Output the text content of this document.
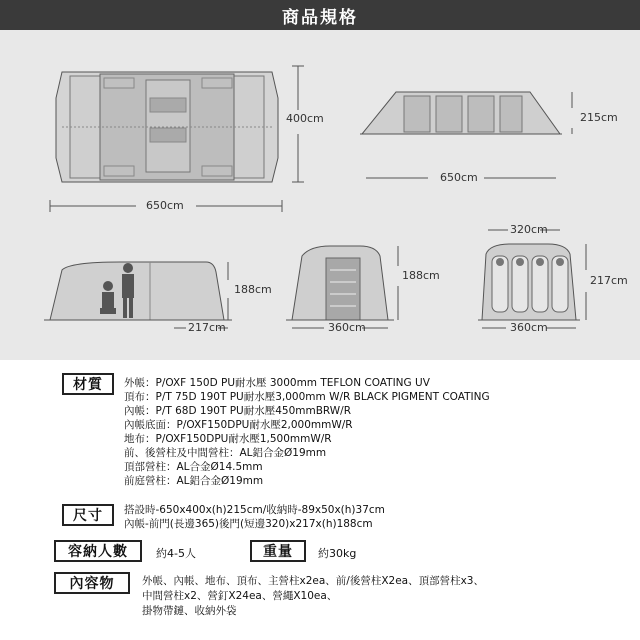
商品規格
400cm
650cm
215cm
650cm
188cm
217cm
188cm
360cm
320cm
217cm
360cm
材質 外帳：P/OXF 150D PU耐水壓 3000mm TEFLON COATING UV
頂布：P/T 75D 190T PU耐水壓3,000mm W/R BLACK PIGMENT COATING
內帳：P/T 68D 190T PU耐水壓450mmBRW/R
內帳底面：P/OXF150DPU耐水壓2,000mmW/R
地布：P/OXF150DPU耐水壓1,500mmW/R
前、後營柱及中間營柱：AL鋁合金Ø19mm
頂部營柱：AL合金Ø14.5mm
前庭營柱：AL鋁合金Ø19mm
尺寸 搭設時-650x400x(h)215cm/收納時-89x50x(h)37cm
內帳-前門(長邊365)後門(短邊320)x217x(h)188cm
容納人數	約4-5人	重量 約30kg
內容物	外帳、內帳、地布、頂布、主營柱x2ea、前/後營柱X2ea、頂部營柱x3、
中間營柱x2、營釘X24ea、營繩X10ea、
掛物帶鏈、收納外袋
